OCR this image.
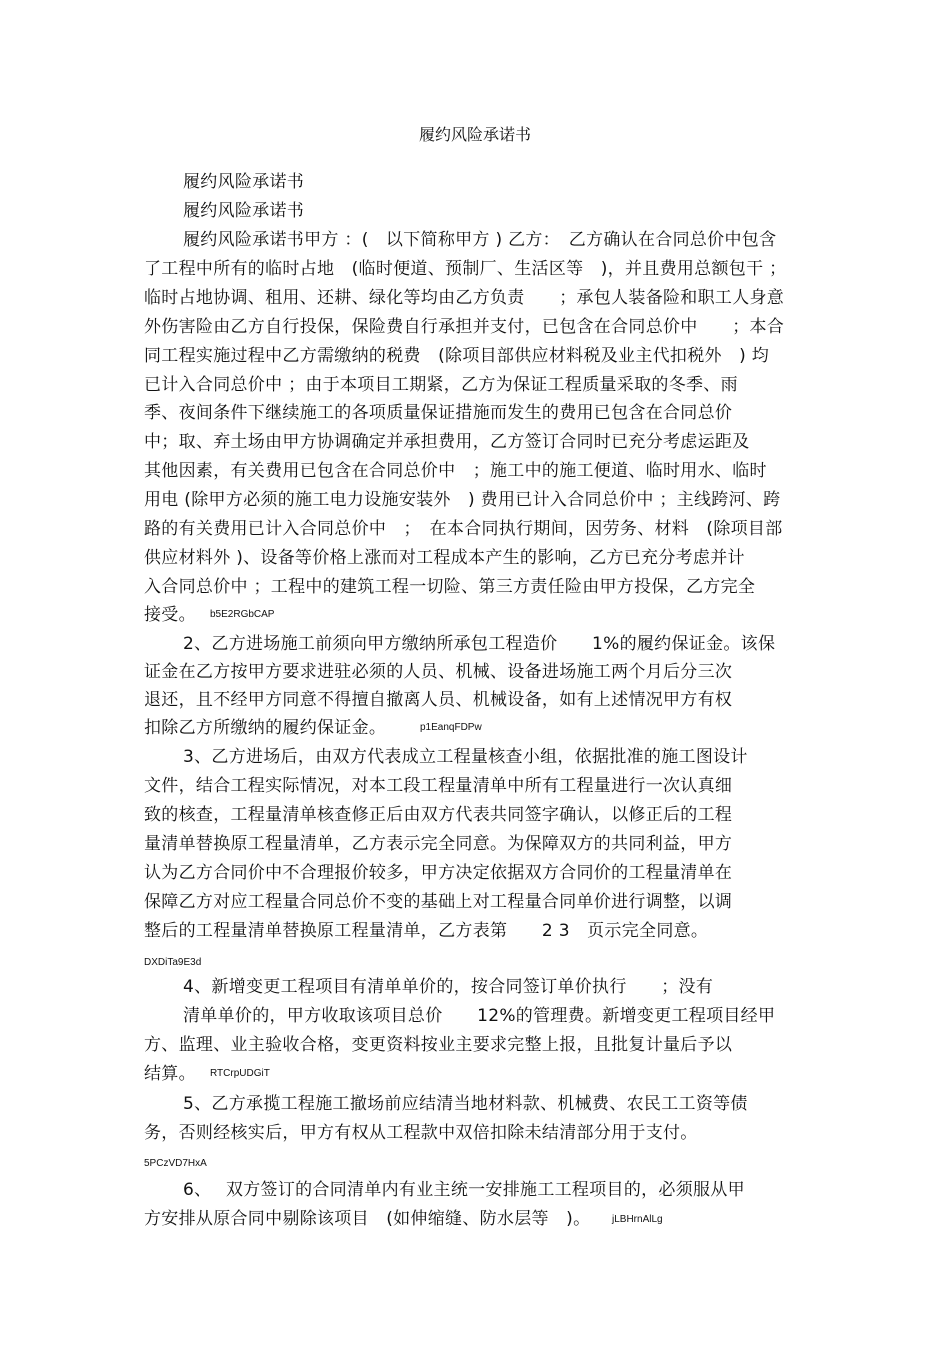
履约风险承诺书
履约风险承诺书
履约风险承诺书
履约风险承诺书甲方 ：(　以下简称甲方 ) 乙方：　乙方确认在合同总价中包含
了工程中所有的临时占地　(临时便道、预制厂、生活区等　)，并且费用总额包干 ；
临时占地协调、租用、还耕、绿化等均由乙方负责　　；承包人装备险和职工人身意
外伤害险由乙方自行投保，保险费自行承担并支付，已包含在合同总价中　　；本合
同工程实施过程中乙方需缴纳的税费　(除项目部供应材料税及业主代扣税外　) 均
已计入合同总价中 ；由于本项目工期紧，乙方为保证工程质量采取的冬季、雨
季、夜间条件下继续施工的各项质量保证措施而发生的费用已包含在合同总价
中；取、弃土场由甲方协调确定并承担费用，乙方签订合同时已充分考虑运距及
其他因素，有关费用已包含在合同总价中　；施工中的施工便道、临时用水、临时
用电 (除甲方必须的施工电力设施安装外　) 费用已计入合同总价中 ；主线跨河、跨
路的有关费用已计入合同总价中　；　在本合同执行期间，因劳务、材料　(除项目部
供应材料外 )、设备等价格上涨而对工程成本产生的影响，乙方已充分考虑并计
入合同总价中 ；工程中的建筑工程一切险、第三方责任险由甲方投保，乙方完全
接受。 b5E2RGbCAP
2、乙方进场施工前须向甲方缴纳所承包工程造价　　1%的履约保证金。该保
证金在乙方按甲方要求进驻必须的人员、机械、设备进场施工两个月后分三次
退还，且不经甲方同意不得擅自撤离人员、机械设备，如有上述情况甲方有权
扣除乙方所缴纳的履约保证金。	p1EanqFDPw
3、乙方进场后，由双方代表成立工程量核查小组，依据批准的施工图设计
文件，结合工程实际情况，对本工段工程量清单中所有工程量进行一次认真细
致的核查，工程量清单核查修正后由双方代表共同签字确认，以修正后的工程
量清单替换原工程量清单，乙方表示完全同意。为保障双方的共同利益，甲方
认为乙方合同价中不合理报价较多，甲方决定依据双方合同价的工程量清单在
保障乙方对应工程量合同总价不变的基础上对工程量合同单价进行调整，以调
整后的工程量清单替换原工程量清单，乙方表第　　2 3　页示完全同意。
DXDiTa9E3d
4、新增变更工程项目有清单单价的，按合同签订单价执行　　；没有
清单单价的，甲方收取该项目总价　　12%的管理费。新增变更工程项目经甲
方、监理、业主验收合格，变更资料按业主要求完整上报，且批复计量后予以
结算。 RTCrpUDGiT
5、乙方承揽工程施工撤场前应结清当地材料款、机械费、农民工工资等债
务，否则经核实后，甲方有权从工程款中双倍扣除未结清部分用于支付。
5PCzVD7HxA
6、　 双方签订的合同清单内有业主统一安排施工工程项目的，必须服从甲
方安排从原合同中剔除该项目　(如伸缩缝、防水层等　)。 jLBHrnAlLg
